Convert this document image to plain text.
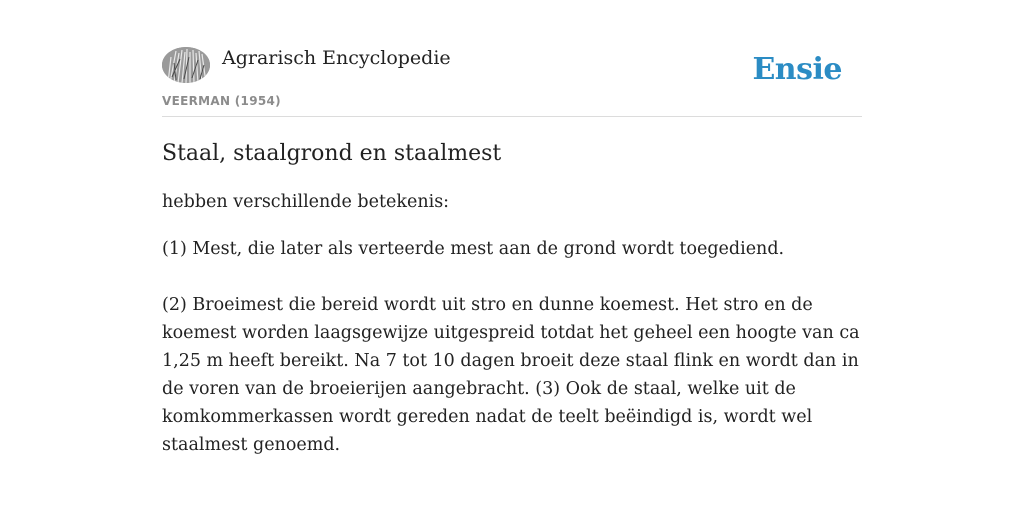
Agrarisch Encyclopedie
VEERMAN (1954)
Ensie
Staal, staalgrond en staalmest

hebben verschillende betekenis:

(1) Mest, die later als verteerde mest aan de grond wordt toegediend.

(2) Broeimest die bereid wordt uit stro en dunne koemest. Het stro en de koemest worden laagsgewijze uitgespreid totdat het geheel een hoogte van ca 1,25 m heeft bereikt. Na 7 tot 10 dagen broeit deze staal flink en wordt dan in de voren van de broeierijen aangebracht. (3) Ook de staal, welke uit de komkommerkassen wordt gereden nadat de teelt beëindigd is, wordt wel staalmest genoemd.
